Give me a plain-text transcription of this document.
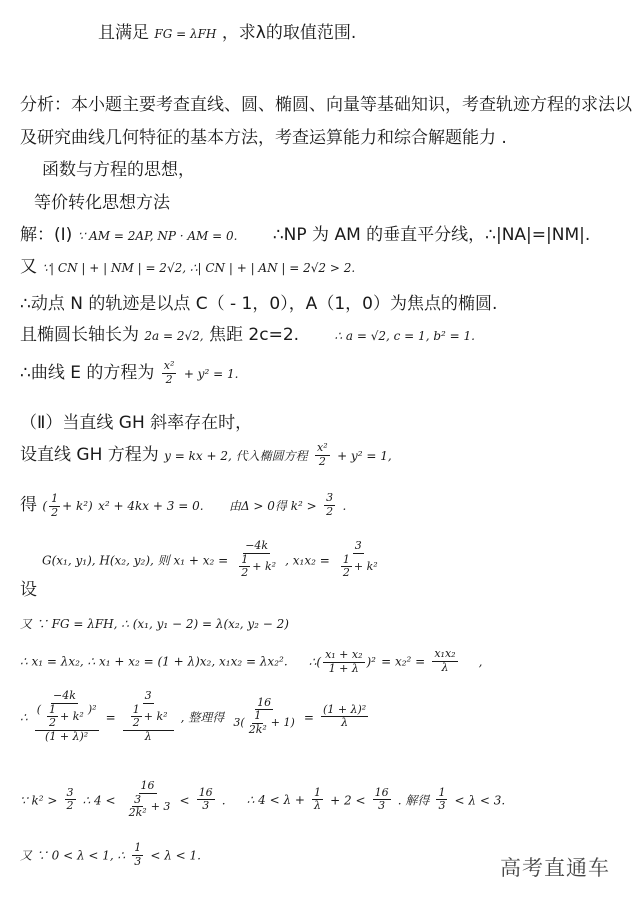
且满足 FG = λFH ，求λ的取值范围.
分析：本小题主要考查直线、圆、椭圆、向量等基础知识，考查轨迹方程的求法以
及研究曲线几何特征的基本方法，考查运算能力和综合解题能力 .
函数与方程的思想，
等价转化思想方法
解：(Ⅰ) ∵ AM = 2AP, NP · AM = 0. ∴NP 为 AM 的垂直平分线，∴|NA|=|NM|.
又 ∵| CN | + | NM | = 2√2, ∴| CN | + | AN | = 2√2 > 2.
∴动点 N 的轨迹是以点 C（ - 1，0），A（1，0）为焦点的椭圆.
且椭圆长轴长为 2a = 2√2, 焦距 2c=2.	∴ a = √2, c = 1, b² = 1.
∴曲线 E 的方程为 $\frac{\text{x²}}{2} + y^2 = 1$.
（Ⅱ）当直线 GH 斜率存在时，
设直线 GH 方程为 y = kx + 2, 代入椭圆方程 $\frac{\text{x²}}{2} + y^2 = 1$,
得 ( $\frac{1}{2} + k^2$) x² + 4kx + 3 = 0. 由Δ > 0得 $k^2 > \frac{3}{2}$ .
G(x₁, y₁), H(x₂, y₂), 则 $x_1 + x_2 = \frac{-4k}{\frac{1}{2} + k^2}$ , $x_1x_2 = \frac{3}{\frac{1}{2} + k^2}$
设
又 ∵ FG = λFH, ∴ (x₁, y₁ − 2) = λ(x₂, y₂ − 2)
∴ x₁ = λx₂, ∴ x₁ + x₂ = (1 + λ)x₂, x₁x₂ = λx₂². ∴( $\frac{\text{x₁ + x₂}}{1 + \lambda} )^2 = x_2^2 = \frac{\text{x₁x₂}}{\lambda}$ ,
∴ $\frac{( \frac{-4k}{\frac{1}{2} + k^2} )^2}{\text{(1 + λ)²}} = \frac{\frac{3}{\frac{1}{2} + k^2}}{\lambda}$ , 整理得 $\frac{16}{3( \frac{1}{\text{2k²}} + 1)} = \frac{\text{(1 + λ)²}}{\lambda}$
∵ $k^2 > \frac{3}{2}$ ∴ $4 < \frac{16}{\frac{3}{\text{2k²}} + 3} < \frac{16}{3}$ . ∴ $4 < \lambda + \frac{1}{\lambda} + 2 < \frac{16}{3}$ . 解得 $\frac{1}{3} < \lambda < 3$.
又 ∵ 0 < λ < 1, ∴ $\frac{1}{3} < \lambda < 1$.
高考直通车
